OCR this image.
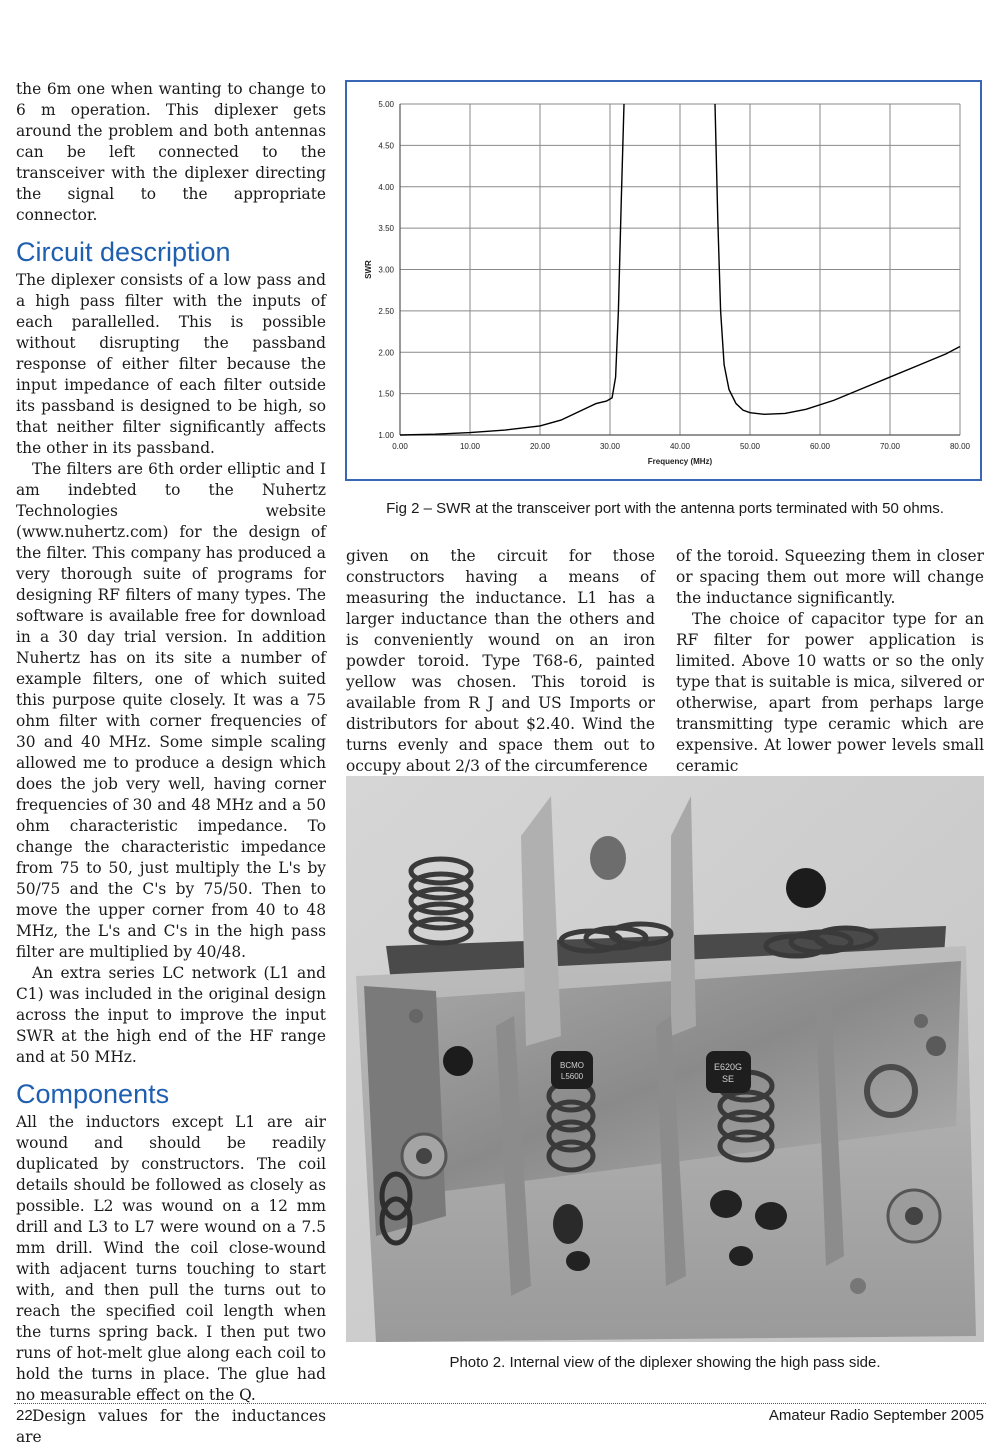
the 6m one when wanting to change to 6 m operation. This diplexer gets around the problem and both antennas can be left connected to the transceiver with the diplexer directing the signal to the appropriate connector.

Circuit description

The diplexer consists of a low pass and a high pass filter with the inputs of each parallelled. This is possible without disrupting the passband response of either filter because the input impedance of each filter outside its passband is designed to be high, so that neither filter significantly affects the other in its passband.

The filters are 6th order elliptic and I am indebted to the Nuhertz Technologies website (www.nuhertz.com) for the design of the filter. This company has produced a very thorough suite of programs for designing RF filters of many types. The software is available free for download in a 30 day trial version. In addition Nuhertz has on its site a number of example filters, one of which suited this purpose quite closely. It was a 75 ohm filter with corner frequencies of 30 and 40 MHz. Some simple scaling allowed me to produce a design which does the job very well, having corner frequencies of 30 and 48 MHz and a 50 ohm characteristic impedance. To change the characteristic impedance from 75 to 50, just multiply the L's by 50/75 and the C's by 75/50. Then to move the upper corner from 40 to 48 MHz, the L's and C's in the high pass filter are multiplied by 40/48.

An extra series LC network (L1 and C1) was included in the original design across the input to improve the input SWR at the high end of the HF range and at 50 MHz.

Components

All the inductors except L1 are air wound and should be readily duplicated by constructors. The coil details should be followed as closely as possible. L2 was wound on a 12 mm drill and L3 to L7 were wound on a 7.5 mm drill. Wind the coil close-wound with adjacent turns touching to start with, and then pull the turns out to reach the specified coil length when the turns spring back. I then put two runs of hot-melt glue along each coil to hold the turns in place. The glue had no measurable effect on the Q.

Design values for the inductances are

0.00	10.00	20.00	30.00	40.00	50.00	60.00	70.00	80.00
1.00
1.50
2.00
2.50
3.00
3.50
4.00
4.50
5.00
Frequency (MHz)
SWR
Fig 2 – SWR at the transceiver port with the antenna ports terminated with 50 ohms.
BCMO
L5600
E620G
SE
Photo 2. Internal view of the diplexer showing the high pass side.

given on the circuit for those constructors having a means of measuring the inductance. L1 has a larger inductance than the others and is conveniently wound on an iron powder toroid. Type T68-6, painted yellow was chosen. This toroid is available from R J and US Imports or distributors for about $2.40. Wind the turns evenly and space them out to occupy about 2/3 of the circumference

of the toroid. Squeezing them in closer or spacing them out more will change the inductance significantly.

The choice of capacitor type for an RF filter for power application is limited. Above 10 watts or so the only type that is suitable is mica, silvered or otherwise, apart from perhaps large transmitting type ceramic which are expensive. At lower power levels small ceramic

22	Amateur Radio September 2005
